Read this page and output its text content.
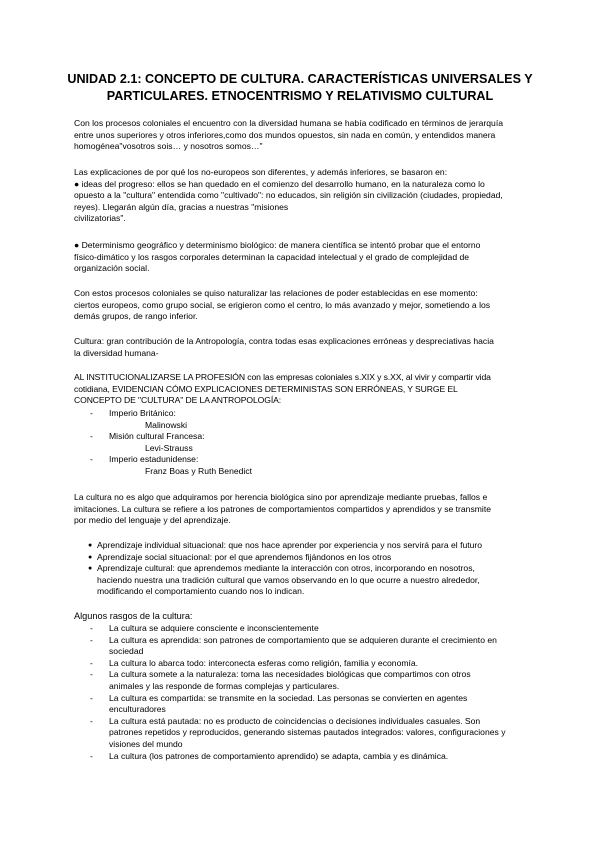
UNIDAD 2.1: CONCEPTO DE CULTURA. CARACTERÍSTICAS UNIVERSALES Y
PARTICULARES. ETNOCENTRISMO Y RELATIVISMO CULTURAL

Con los procesos coloniales el encuentro con la diversidad humana se había codificado en términos de jerarquía
entre unos superiores y otros inferiores,como dos mundos opuestos, sin nada en común, y entendidos manera
homogénea"vosotros sois… y nosotros somos…"

Las explicaciones de por qué los no-europeos son diferentes, y además inferiores, se basaron en:
● ideas del progreso: ellos se han quedado en el comienzo del desarrollo humano, en la naturaleza como lo
opuesto a la "cultura" entendida como "cultivado": no educados, sin religión sin civilización (ciudades, propiedad,
reyes). Llegarán algún día, gracias a nuestras "misiones
civilizatorias".

● Determinismo geográfico y determinismo biológico: de manera científica se intentó probar que el entorno
físico-dimático y los rasgos corporales determinan la capacidad intelectual y el grado de complejidad de
organización social.

Con estos procesos coloniales se quiso naturalizar las relaciones de poder establecidas en ese momento:
ciertos europeos, como grupo social, se erigieron como el centro, lo más avanzado y mejor, sometiendo a los
demás grupos, de rango inferior.

Cultura: gran contribución de la Antropología, contra todas esas explicaciones erróneas y despreciativas hacia
la diversidad humana-

AL INSTITUCIONALIZARSE LA PROFESIÓN con las empresas coloniales s.XIX y s.XX, al vivir y compartir vida
cotidiana, EVIDENCIAN CÓMO EXPLICACIONES DETERMINISTAS SON ERRÓNEAS, Y SURGE EL
CONCEPTO DE "CULTURA" DE LA ANTROPOLOGÍA:

- Imperio Británico:
Malinowski
- Misión cultural Francesa:
Levi-Strauss
- Imperio estadunidense:
Franz Boas y Ruth Benedict

La cultura no es algo que adquiramos por herencia biológica sino por aprendizaje mediante pruebas, fallos e
imitaciones. La cultura se refiere a los patrones de comportamientos compartidos y aprendidos y se transmite
por medio del lenguaje y del aprendizaje.

● Aprendizaje individual situacional: que nos hace aprender por experiencia y nos servirá para el futuro
● Aprendizaje social situacional: por el que aprendemos fijándonos en los otros
● Aprendizaje cultural: que aprendemos mediante la interacción con otros, incorporando en nosotros,
haciendo nuestra una tradición cultural que vamos observando en lo que ocurre a nuestro alrededor,
modificando el comportamiento cuando nos lo indican.

Algunos rasgos de la cultura:

- La cultura se adquiere consciente e inconscientemente
- La cultura es aprendida: son patrones de comportamiento que se adquieren durante el crecimiento en
sociedad
- La cultura lo abarca todo: interconecta esferas como religión, familia y economía.
- La cultura somete a la naturaleza: toma las necesidades biológicas que compartimos con otros
animales y las responde de formas complejas y particulares.
- La cultura es compartida: se transmite en la sociedad. Las personas se convierten en agentes
enculturadores
- La cultura está pautada: no es producto de coincidencias o decisiones individuales casuales. Son
patrones repetidos y reproducidos, generando sistemas pautados integrados: valores, configuraciones y
visiones del mundo
- La cultura (los patrones de comportamiento aprendido) se adapta, cambia y es dinámica.
